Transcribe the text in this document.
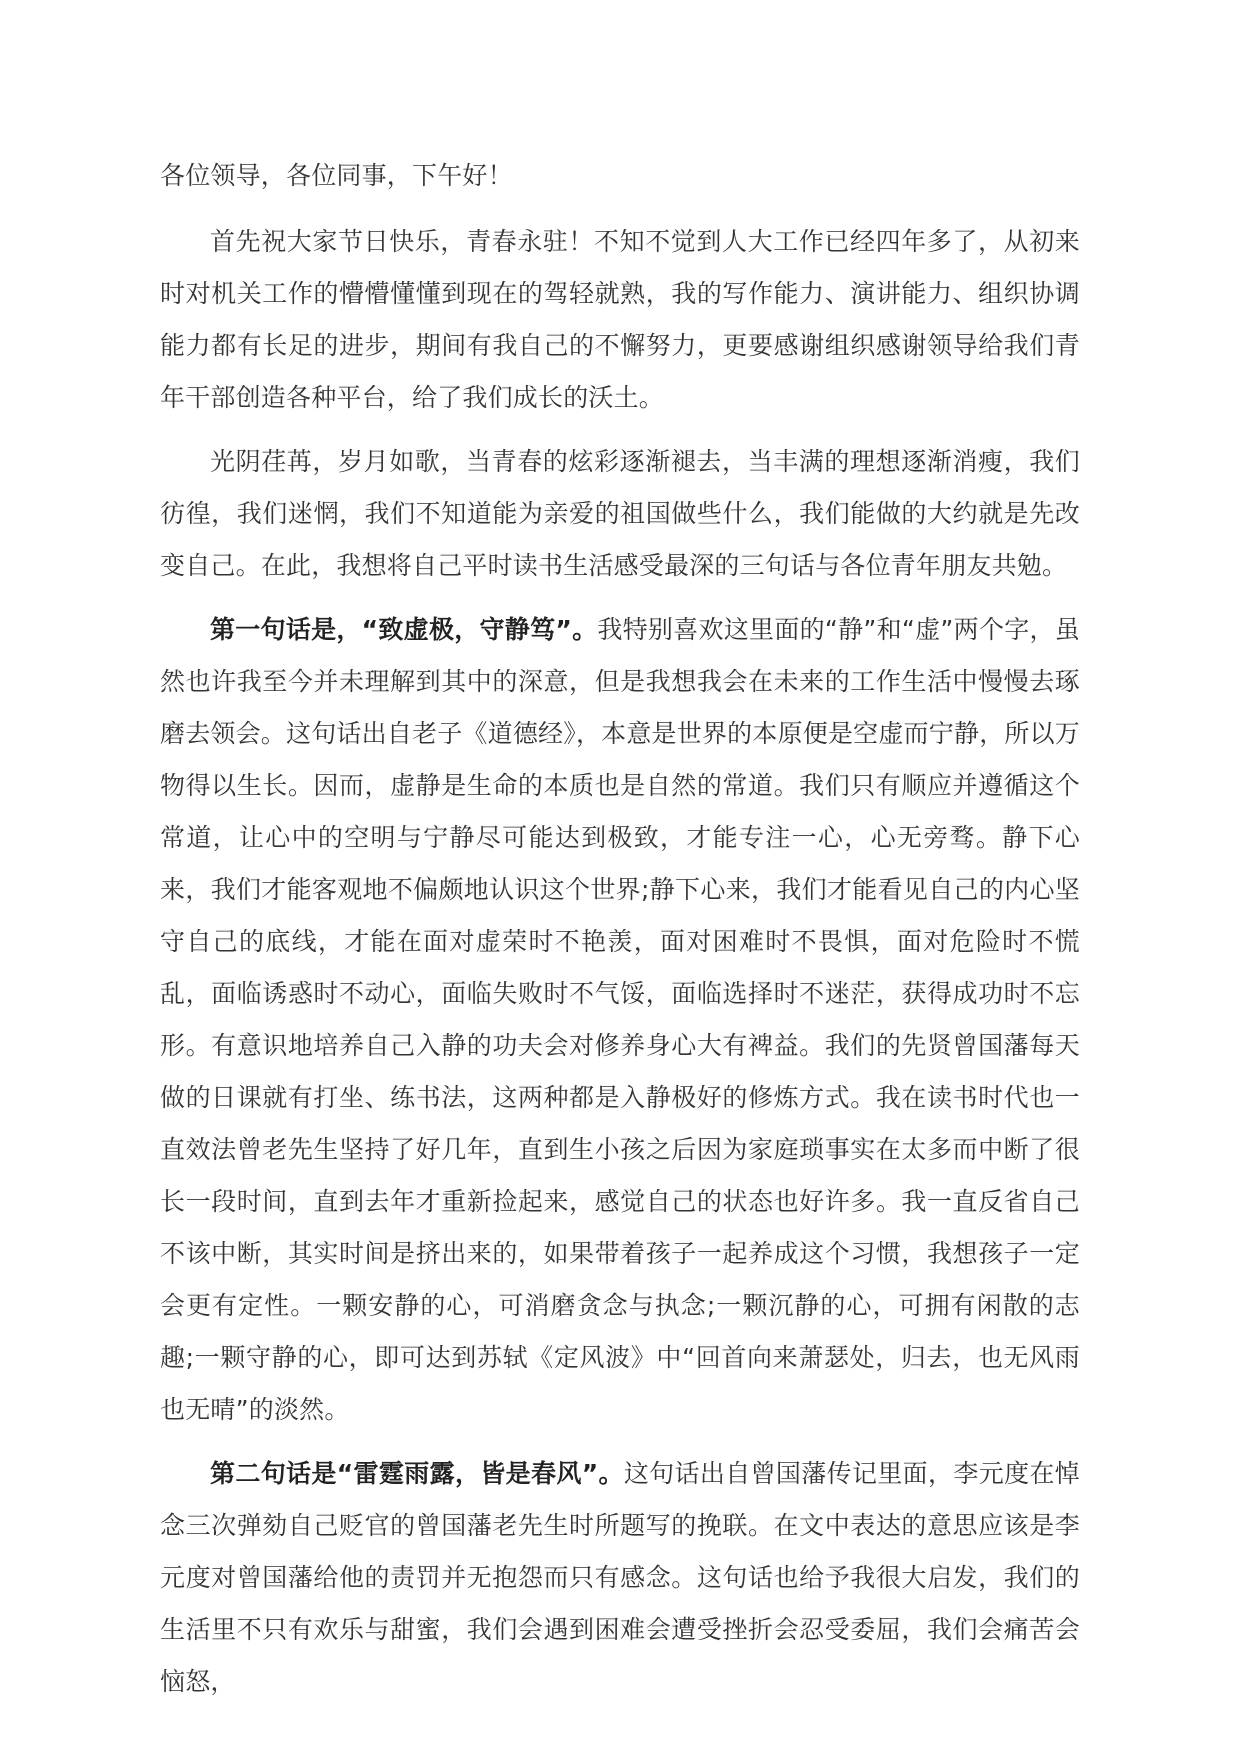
各位领导，各位同事，下午好！

首先祝大家节日快乐，青春永驻！不知不觉到人大工作已经四年多了，从初来时对机关工作的懵懵懂懂到现在的驾轻就熟，我的写作能力、演讲能力、组织协调能力都有长足的进步，期间有我自己的不懈努力，更要感谢组织感谢领导给我们青年干部创造各种平台，给了我们成长的沃土。

光阴荏苒，岁月如歌，当青春的炫彩逐渐褪去，当丰满的理想逐渐消瘦，我们彷徨，我们迷惘，我们不知道能为亲爱的祖国做些什么，我们能做的大约就是先改变自己。在此，我想将自己平时读书生活感受最深的三句话与各位青年朋友共勉。

第一句话是，“致虚极，守静笃”。我特别喜欢这里面的“静”和“虚”两个字，虽然也许我至今并未理解到其中的深意，但是我想我会在未来的工作生活中慢慢去琢磨去领会。这句话出自老子《道德经》，本意是世界的本原便是空虚而宁静，所以万物得以生长。因而，虚静是生命的本质也是自然的常道。我们只有顺应并遵循这个常道，让心中的空明与宁静尽可能达到极致，才能专注一心，心无旁骛。静下心来，我们才能客观地不偏颇地认识这个世界;静下心来，我们才能看见自己的内心坚守自己的底线，才能在面对虚荣时不艳羡，面对困难时不畏惧，面对危险时不慌乱，面临诱惑时不动心，面临失败时不气馁，面临选择时不迷茫，获得成功时不忘形。有意识地培养自己入静的功夫会对修养身心大有裨益。我们的先贤曾国藩每天做的日课就有打坐、练书法，这两种都是入静极好的修炼方式。我在读书时代也一直效法曾老先生坚持了好几年，直到生小孩之后因为家庭琐事实在太多而中断了很长一段时间，直到去年才重新捡起来，感觉自己的状态也好许多。我一直反省自己不该中断，其实时间是挤出来的，如果带着孩子一起养成这个习惯，我想孩子一定会更有定性。一颗安静的心，可消磨贪念与执念;一颗沉静的心，可拥有闲散的志趣;一颗守静的心，即可达到苏轼《定风波》中“回首向来萧瑟处，归去，也无风雨也无晴”的淡然。

第二句话是“雷霆雨露，皆是春风”。这句话出自曾国藩传记里面，李元度在悼念三次弹劾自己贬官的曾国藩老先生时所题写的挽联。在文中表达的意思应该是李元度对曾国藩给他的责罚并无抱怨而只有感念。这句话也给予我很大启发，我们的生活里不只有欢乐与甜蜜，我们会遇到困难会遭受挫折会忍受委屈，我们会痛苦会恼怒，
